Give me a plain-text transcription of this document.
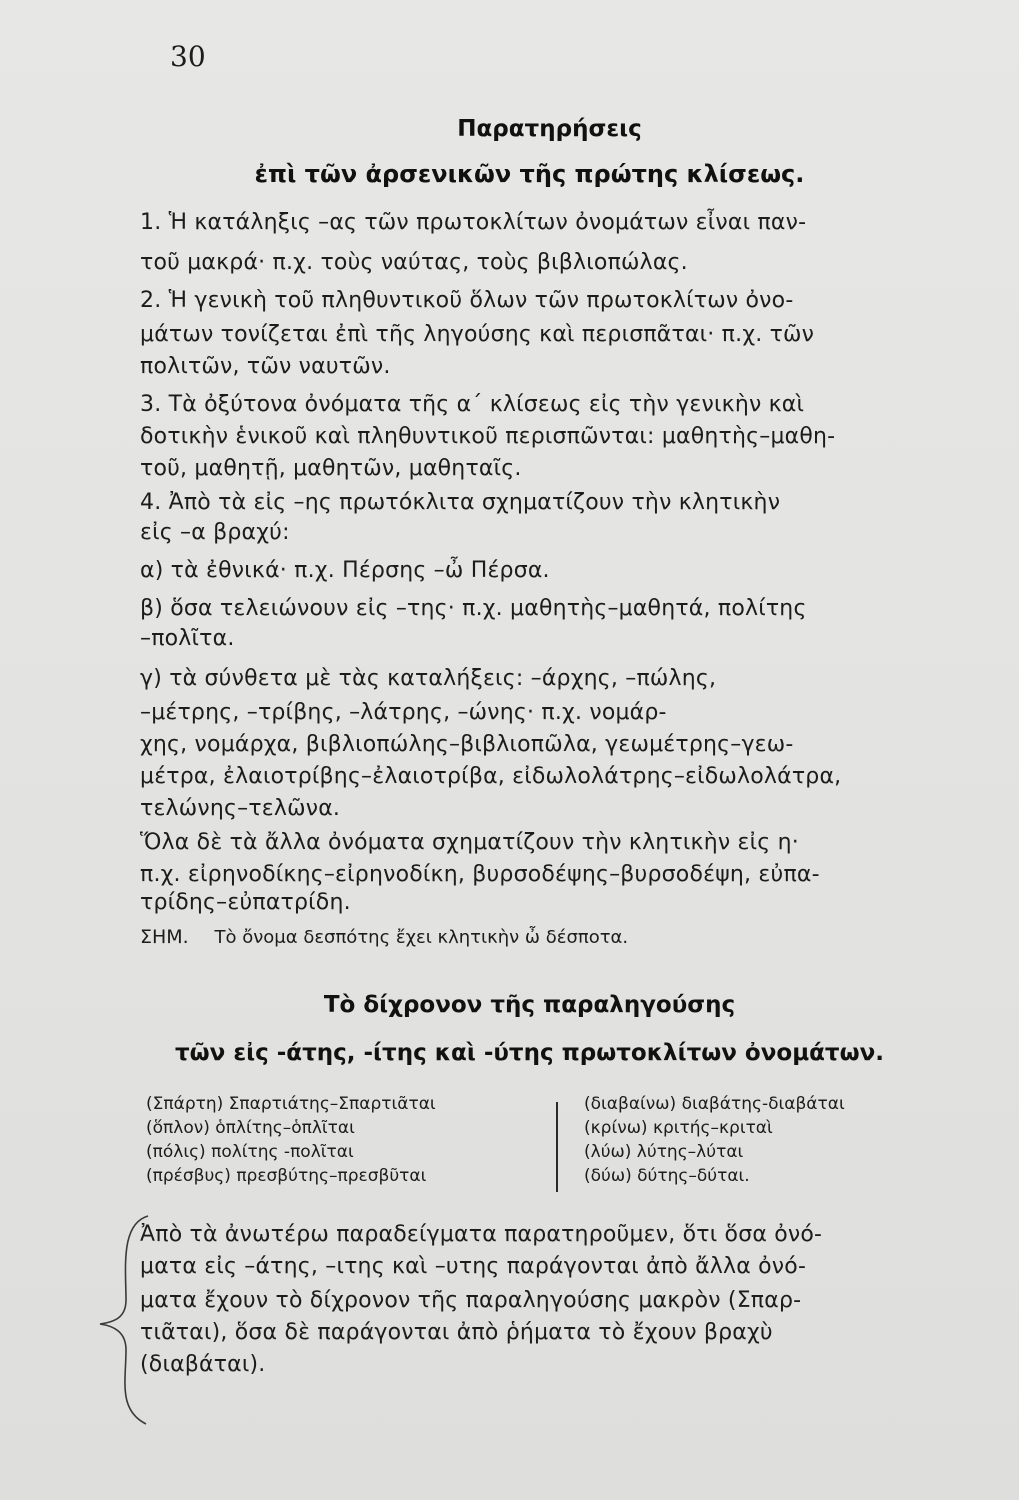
30
Παρατηρήσεις
ἐπὶ τῶν ἀρσενικῶν τῆς πρώτης κλίσεως.
1. Ἡ κατάληξις –ας τῶν πρωτοκλίτων ὀνομάτων εἶναι παν-
τοῦ μακρά· π.χ. τοὺς ναύτας, τοὺς βιβλιοπώλας.
2. Ἡ γενικὴ τοῦ πληθυντικοῦ ὅλων τῶν πρωτοκλίτων ὀνο-
μάτων τονίζεται ἐπὶ τῆς ληγούσης καὶ περισπᾶται· π.χ. τῶν
πολιτῶν, τῶν ναυτῶν.
3. Τὰ ὀξύτονα ὀνόματα τῆς α΄ κλίσεως εἰς τὴν γενικὴν καὶ
δοτικὴν ἑνικοῦ καὶ πληθυντικοῦ περισπῶνται: μαθητὴς–μαθη-
τοῦ, μαθητῇ, μαθητῶν, μαθηταῖς.
4. Ἀπὸ τὰ εἰς –ης πρωτόκλιτα σχηματίζουν τὴν κλητικὴν
εἰς –α βραχύ:
α) τὰ ἐθνικά· π.χ. Πέρσης –ὦ Πέρσα.
β) ὅσα τελειώνουν εἰς –της· π.χ. μαθητὴς–μαθητά, πολίτης
–πολῖτα.
γ) τὰ σύνθετα μὲ τὰς καταλήξεις: –άρχης, –πώλης,
–μέτρης, –τρίβης, –λάτρης, –ώνης· π.χ. νομάρ-
χης, νομάρχα, βιβλιοπώλης–βιβλιοπῶλα, γεωμέτρης–γεω-
μέτρα, ἐλαιοτρίβης–ἐλαιοτρίβα, εἰδωλολάτρης–εἰδωλολάτρα,
τελώνης–τελῶνα.
Ὅλα δὲ τὰ ἄλλα ὀνόματα σχηματίζουν τὴν κλητικὴν εἰς η·
π.χ. εἰρηνοδίκης–εἰρηνοδίκη, βυρσοδέψης–βυρσοδέψη, εὐπα-
τρίδης–εὐπατρίδη.
ΣΗΜ. Τὸ ὄνομα δεσπότης ἔχει κλητικὴν ὦ δέσποτα.
Τὸ δίχρονον τῆς παραληγούσης
τῶν εἰς -άτης, -ίτης καὶ -ύτης πρωτοκλίτων ὀνομάτων.
(Σπάρτη) Σπαρτιάτης–Σπαρτιᾶται
(ὅπλον) ὁπλίτης–ὁπλῖται
(πόλις) πολίτης -πολῖται
(πρέσβυς) πρεσβύτης–πρεσβῦται
(διαβαίνω) διαβάτης-διαβάται
(κρίνω) κριτής–κριταὶ
(λύω) λύτης–λύται
(δύω) δύτης–δύται.
Ἀπὸ τὰ ἀνωτέρω παραδείγματα παρατηροῦμεν, ὅτι ὅσα ὀνό-
ματα εἰς –άτης, –ιτης καὶ –υτης παράγονται ἀπὸ ἄλλα ὀνό-
ματα ἔχουν τὸ δίχρονον τῆς παραληγούσης μακρὸν (Σπαρ-
τιᾶται), ὅσα δὲ παράγονται ἀπὸ ῥήματα τὸ ἔχουν βραχὺ
(διαβάται).
